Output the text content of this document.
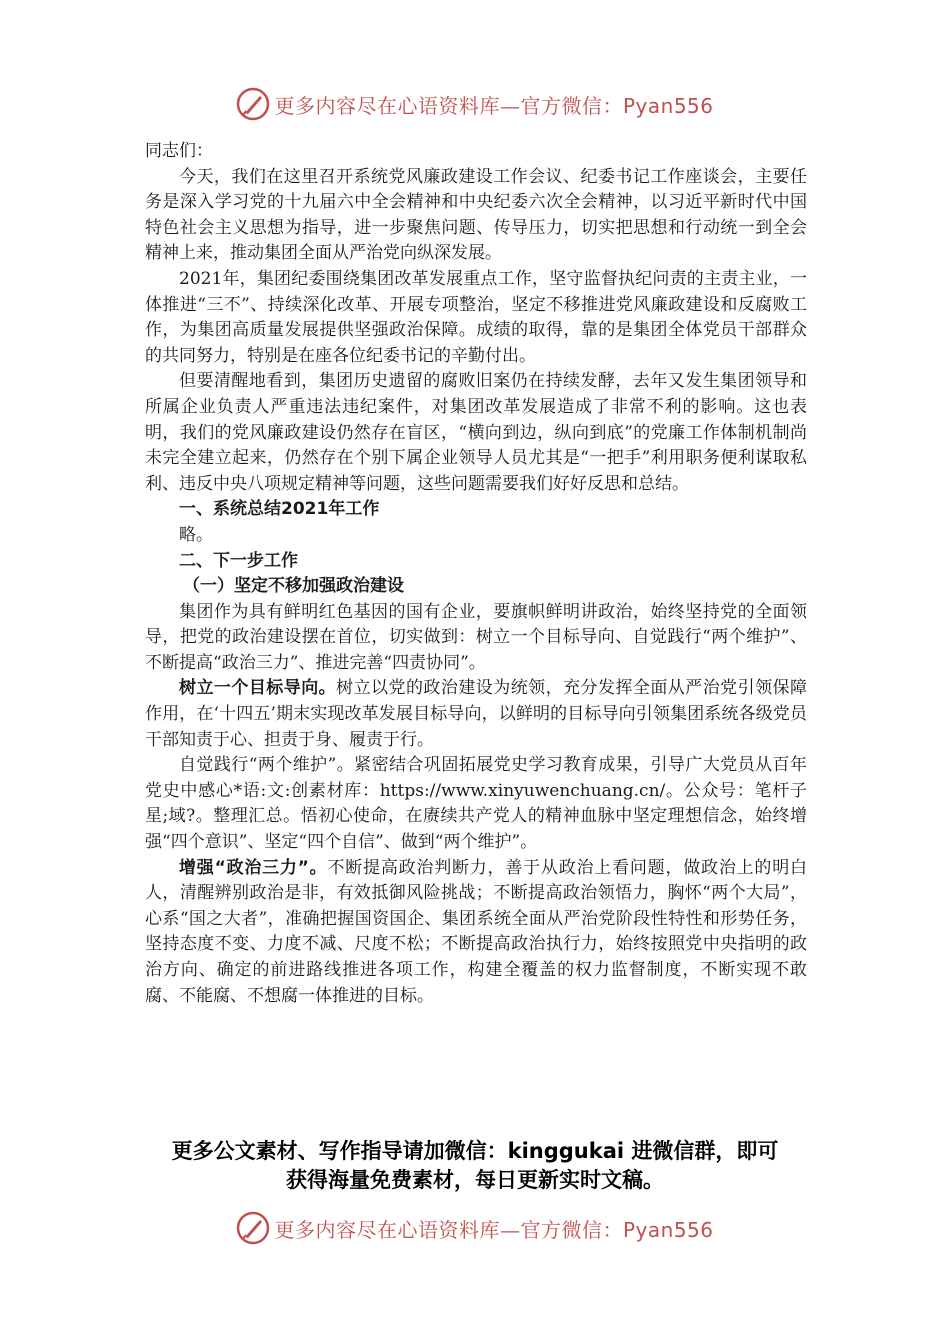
更多内容尽在心语资料库—官方微信：Pyan556

同志们：

今天，我们在这里召开系统党风廉政建设工作会议、纪委书记工作座谈会，主要任务是深入学习党的十九届六中全会精神和中央纪委六次全会精神，以习近平新时代中国特色社会主义思想为指导，进一步聚焦问题、传导压力，切实把思想和行动统一到全会精神上来，推动集团全面从严治党向纵深发展。

2021年，集团纪委围绕集团改革发展重点工作，坚守监督执纪问责的主责主业，一体推进“三不”、持续深化改革、开展专项整治，坚定不移推进党风廉政建设和反腐败工作，为集团高质量发展提供坚强政治保障。成绩的取得，靠的是集团全体党员干部群众的共同努力，特别是在座各位纪委书记的辛勤付出。

但要清醒地看到，集团历史遗留的腐败旧案仍在持续发酵，去年又发生集团领导和所属企业负责人严重违法违纪案件，对集团改革发展造成了非常不利的影响。这也表明，我们的党风廉政建设仍然存在盲区，“横向到边，纵向到底”的党廉工作体制机制尚未完全建立起来，仍然存在个别下属企业领导人员尤其是“一把手”利用职务便利谋取私利、违反中央八项规定精神等问题，这些问题需要我们好好反思和总结。

一、系统总结2021年工作

略。

二、下一步工作

（一）坚定不移加强政治建设

集团作为具有鲜明红色基因的国有企业，要旗帜鲜明讲政治，始终坚持党的全面领导，把党的政治建设摆在首位，切实做到：树立一个目标导向、自觉践行“两个维护”、不断提高“政治三力”、推进完善“四责协同”。

树立一个目标导向。树立以党的政治建设为统领，充分发挥全面从严治党引领保障作用，在‘十四五’期末实现改革发展目标导向，以鲜明的目标导向引领集团系统各级党员干部知责于心、担责于身、履责于行。

自觉践行“两个维护”。紧密结合巩固拓展党史学习教育成果，引导广大党员从百年党史中感心*语:文:创素材库：https://www.xinyuwenchuang.cn/。公众号：笔杆子星;域?。整理汇总。悟初心使命，在赓续共产党人的精神血脉中坚定理想信念，始终增强“四个意识”、坚定“四个自信”、做到“两个维护”。

增强“政治三力”。不断提高政治判断力，善于从政治上看问题，做政治上的明白人，清醒辨别政治是非，有效抵御风险挑战；不断提高政治领悟力，胸怀“两个大局”，心系“国之大者”，准确把握国资国企、集团系统全面从严治党阶段性特性和形势任务，坚持态度不变、力度不减、尺度不松；不断提高政治执行力，始终按照党中央指明的政治方向、确定的前进路线推进各项工作，构建全覆盖的权力监督制度，不断实现不敢腐、不能腐、不想腐一体推进的目标。

更多公文素材、写作指导请加微信：kinggukai 进微信群，即可
获得海量免费素材，每日更新实时文稿。
更多内容尽在心语资料库—官方微信：Pyan556
